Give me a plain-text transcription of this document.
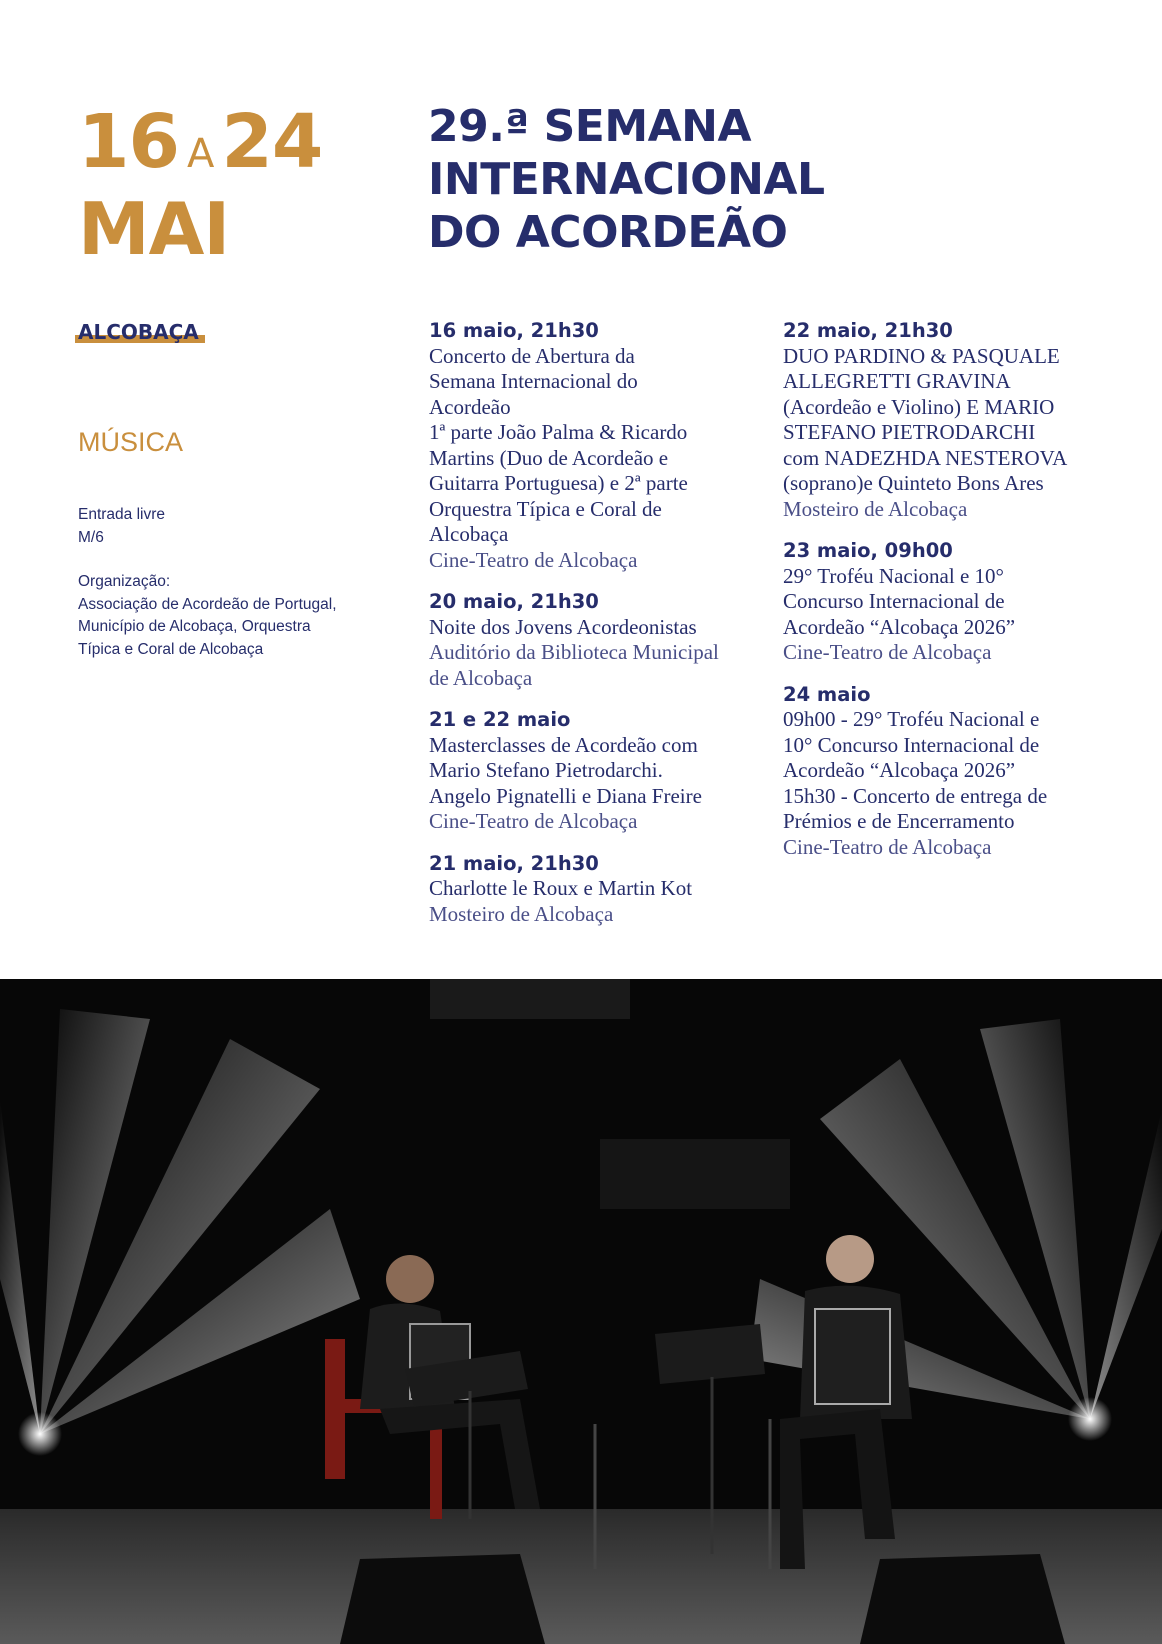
16 A 24
MAI
29.ª SEMANA
INTERNACIONAL
DO ACORDEÃO
ALCOBAÇA
MÚSICA
Entrada livre
M/6
Organização:
Associação de Acordeão de Portugal,
Município de Alcobaça, Orquestra
Típica e Coral de Alcobaça
16 maio, 21h30
Concerto de Abertura da
Semana Internacional do
Acordeão
1ª parte João Palma & Ricardo
Martins (Duo de Acordeão e
Guitarra Portuguesa) e 2ª parte
Orquestra Típica e Coral de
Alcobaça
Cine-Teatro de Alcobaça
20 maio, 21h30
Noite dos Jovens Acordeonistas
Auditório da Biblioteca Municipal
de Alcobaça
21 e 22 maio
Masterclasses de Acordeão com
Mario Stefano Pietrodarchi.
Angelo Pignatelli e Diana Freire
Cine-Teatro de Alcobaça
21 maio, 21h30
Charlotte le Roux e Martin Kot
Mosteiro de Alcobaça
22 maio, 21h30
DUO PARDINO & PASQUALE
ALLEGRETTI GRAVINA
(Acordeão e Violino) E MARIO
STEFANO PIETRODARCHI
com NADEZHDA NESTEROVA
(soprano)e Quinteto Bons Ares
Mosteiro de Alcobaça
23 maio, 09h00
29° Troféu Nacional e 10°
Concurso Internacional de
Acordeão “Alcobaça 2026”
Cine-Teatro de Alcobaça
24 maio
09h00 - 29° Troféu Nacional e
10° Concurso Internacional de
Acordeão “Alcobaça 2026”
15h30 - Concerto de entrega de
Prémios e de Encerramento
Cine-Teatro de Alcobaça
